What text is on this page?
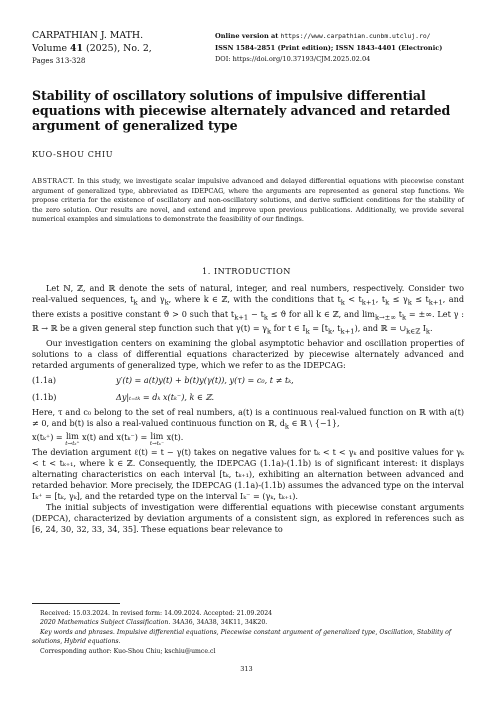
CARPATHIAN J. MATH.
Volume 41 (2025), No. 2,
Pages 313-328
Online version at https://www.carpathian.cunbm.utcluj.ro/
ISSN 1584-2851 (Print edition); ISSN 1843-4401 (Electronic)
DOI: https://doi.org/10.37193/CJM.2025.02.04
Stability of oscillatory solutions of impulsive differential equations with piecewise alternately advanced and retarded argument of generalized type
KUO-SHOU CHIU
ABSTRACT. In this study, we investigate scalar impulsive advanced and delayed differential equations with piecewise constant argument of generalized type, abbreviated as IDEPCAG, where the arguments are represented as general step functions. We propose criteria for the existence of oscillatory and non-oscillatory solutions, and derive sufficient conditions for the stability of the zero solution. Our results are novel, and extend and improve upon previous publications. Additionally, we provide several numerical examples and simulations to demonstrate the feasibility of our findings.
1. INTRODUCTION

Let ℕ, ℤ, and ℝ denote the sets of natural, integer, and real numbers, respectively. Consider two real-valued sequences, $t_k$ and $\gamma_k$, where k ∈ ℤ, with the conditions that $t_k < t_{k+1}$, $t_k \le \gamma_k \le t_{k+1}$, and there exists a positive constant ϑ > 0 such that $t_{k+1} - t_k \le ϑ$ for all k ∈ ℤ, and $\lim_{k\to\pm\infty} t_k$ = ±∞. Let γ : ℝ → ℝ be a given general step function such that $\gamma(t) = \gamma_k$ for t ∈ $I_k = [t_k$, $t_{k+1}$), and ℝ = $\cup_{k\in ℤ}$ $I_k$.

Our investigation centers on examining the global asymptotic behavior and oscillation properties of solutions to a class of differential equations characterized by piecewise alternately advanced and retarded arguments of generalized type, which we refer to as the IDEPCAG:

(1.1a)	y′(t) = a(t)y(t) + b(t)y(γ(t)), y(τ) = c₀, t ≠ tₖ,
(1.1b)	Δy|ₜ₌ₜₖ = dₖ x(tₖ⁻), k ∈ ℤ.

Here, τ and c₀ belong to the set of real numbers, a(t) is a continuous real-valued function on ℝ with a(t) ≠ 0, and b(t) is also a real-valued continuous function on ℝ, $d_k$ ∈ ℝ \ {−1},
x(tₖ⁺) = lim
t→tₖ⁺
x(t) and x(tₖ⁻) = lim
t→tₖ⁻
x(t).

The deviation argument ℓ(t) = t − γ(t) takes on negative values for tₖ < t < γₖ and positive values for γₖ < t < tₖ₊₁, where k ∈ ℤ. Consequently, the IDEPCAG (1.1a)-(1.1b) is of significant interest: it displays alternating characteristics on each interval [tₖ, tₖ₊₁), exhibiting an alternation between advanced and retarded behavior. More precisely, the IDEPCAG (1.1a)-(1.1b) assumes the advanced type on the interval Iₖ⁺ = [tₖ, γₖ], and the retarded type on the interval Iₖ⁻ = (γₖ, tₖ₊₁).

The initial subjects of investigation were differential equations with piecewise constant arguments (DEPCA), characterized by deviation arguments of a consistent sign, as explored in references such as [6, 24, 30, 32, 33, 34, 35]. These equations bear relevance to

Received: 15.03.2024. In revised form: 14.09.2024. Accepted: 21.09.2024

2020 Mathematics Subject Classification. 34A36, 34A38, 34K11, 34K20.

Key words and phrases. Impulsive differential equations, Piecewise constant argument of generalized type, Oscillation, Stability of solutions, Hybrid equations.

Corresponding author: Kuo-Shou Chiu; kschiu@umce.cl

313
